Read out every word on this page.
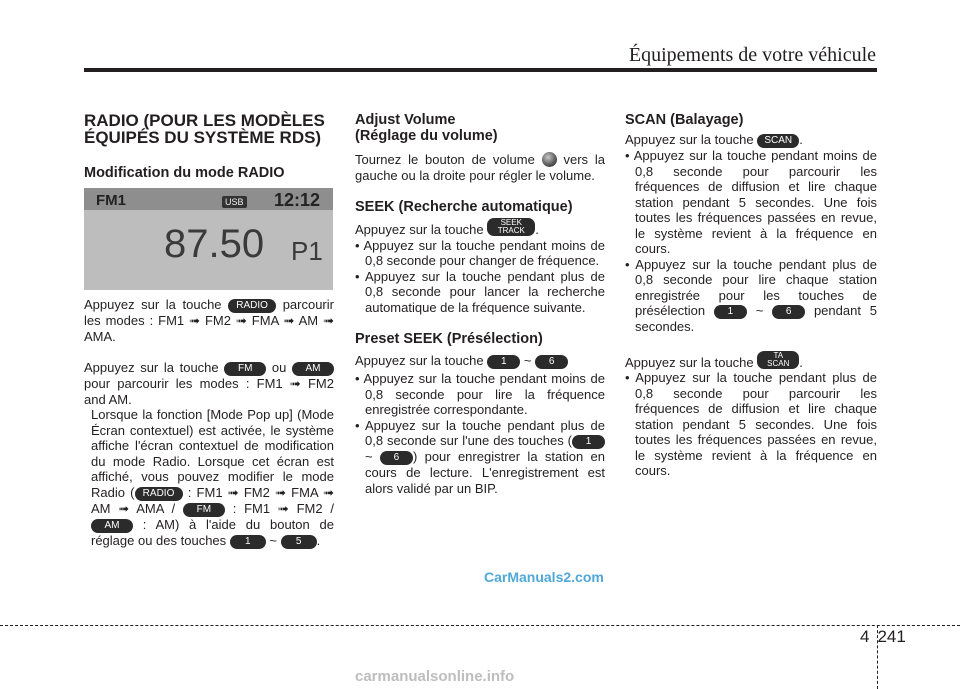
Équipements de votre véhicule

RADIO (POUR LES MODÈLES ÉQUIPÉS DU SYSTÈME RDS)

Modification du mode RADIO

FM1	USB 12:12
87.50 P1

Appuyez sur la touche RADIO parcourir les modes : FM1 ➟ FM2 ➟ FMA ➟ AM ➟ AMA.

Appuyez sur la touche FM ou AM pour parcourir les modes : FM1 ➟ FM2 and AM.

Lorsque la fonction [Mode Pop up] (Mode Écran contextuel) est activée, le système affiche l'écran contextuel de modification du mode Radio. Lorsque cet écran est affiché, vous pouvez modifier le mode Radio ( RADIO : FM1 ➟ FM2 ➟ FMA ➟ AM ➟ AMA / FM : FM1 ➟ FM2 / AM : AM) à l'aide du bouton de réglage ou des touches 1 ~ 5 .

Adjust Volume

(Réglage du volume)

Tournez le bouton de volume vers la gauche ou la droite pour régler le volume.

SEEK (Recherche automatique)

Appuyez sur la touche SEEK
TRACK .

• Appuyez sur la touche pendant moins de 0,8 seconde pour changer de fréquence.

• Appuyez sur la touche pendant plus de 0,8 seconde pour lancer la recherche automatique de la fréquence suivante.

Preset SEEK (Présélection)

Appuyez sur la touche 1 ~ 6

• Appuyez sur la touche pendant moins de 0,8 seconde pour lire la fréquence enregistrée correspondante.

• Appuyez sur la touche pendant plus de 0,8 seconde sur l'une des touches ( 1 ~ 6 ) pour enregistrer la station en cours de lecture. L'enregistrement est alors validé par un BIP.

SCAN (Balayage)

Appuyez sur la touche SCAN .

• Appuyez sur la touche pendant moins de 0,8 seconde pour parcourir les fréquences de diffusion et lire chaque station pendant 5 secondes. Une fois toutes les fréquences passées en revue, le système revient à la fréquence en cours.

• Appuyez sur la touche pendant plus de 0,8 seconde pour lire chaque station enregistrée pour les touches de présélection 1 ~ 6 pendant 5 secondes.

Appuyez sur la touche TA
SCAN .

• Appuyez sur la touche pendant plus de 0,8 seconde pour parcourir les fréquences de diffusion et lire chaque station pendant 5 secondes. Une fois toutes les fréquences passées en revue, le système revient à la fréquence en cours.

CarManuals2.com
4 241
carmanualsonline.info
